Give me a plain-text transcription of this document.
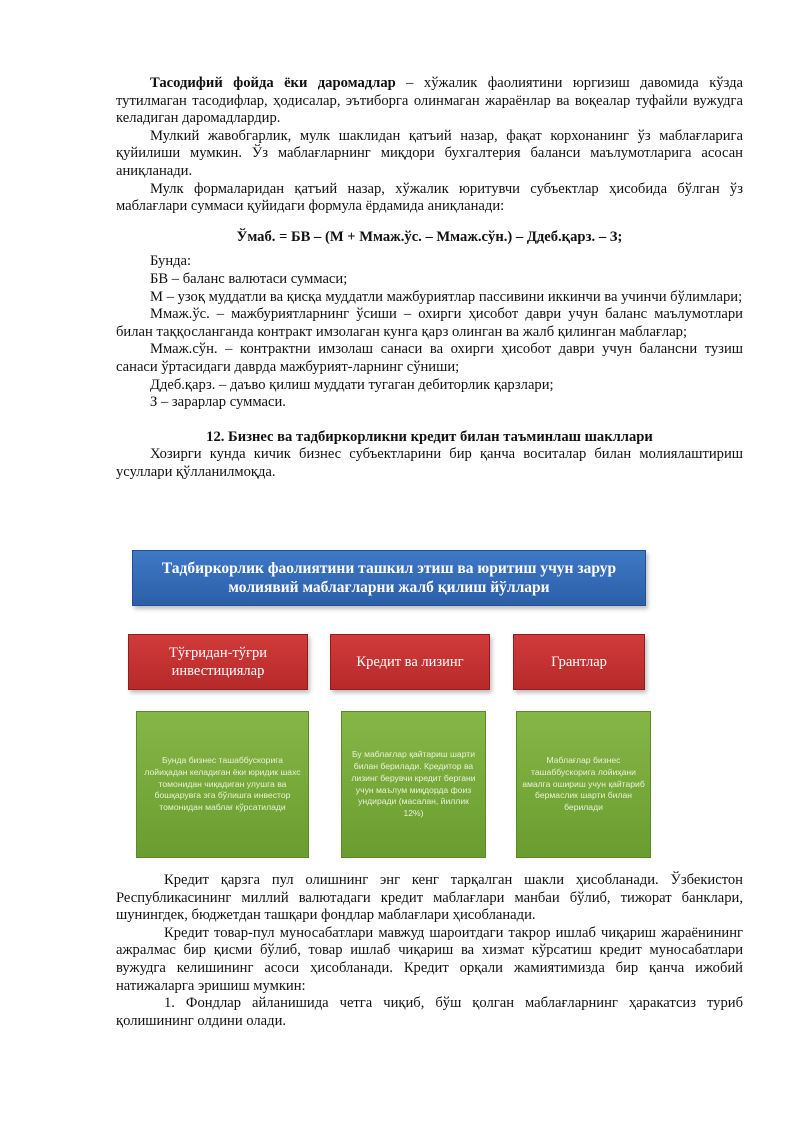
Тасодифий фойда ёки даромадлар – хўжалик фаолиятини юргизиш давомида кўзда тутилмаган тасодифлар, ҳодисалар, эътиборга олинмаган жараёнлар ва воқеалар туфайли вужудга келадиган даромадлардир.

Мулкий жавобгарлик, мулк шаклидан қатъий назар, фақат корхонанинг ўз маблағларига қуйилиши мумкин. Ўз маблағларнинг миқдори бухгалтерия баланси маълумотларига асосан аниқланади.

Мулк формаларидан қатъий назар, хўжалик юритувчи субъектлар ҳисобида бўлган ўз маблағлари суммаси қуйидаги формула ёрдамида аниқланади:

Ўмаб. = БВ – (М + Ммаж.ўс. – Ммаж.сўн.) – Ддеб.қарз. – З;

Бунда:

БВ – баланс валютаси суммаси;

М – узоқ муддатли ва қисқа муддатли мажбуриятлар пассивини иккинчи ва учинчи бўлимлари;

Ммаж.ўс. – мажбуриятларнинг ўсиши – охирги ҳисобот даври учун баланс маълумотлари билан таққосланганда контракт имзолаган кунга қарз олинган ва жалб қилинган маблағлар;

Ммаж.сўн. – контрактни имзолаш санаси ва охирги ҳисобот даври учун балансни тузиш санаси ўртасидаги даврда мажбурият-ларнинг сўниши;

Ддеб.қарз. – даъво қилиш муддати тугаган дебиторлик қарзлари;

З – зарарлар суммаси.

12. Бизнес ва тадбиркорликни кредит билан таъминлаш шакллари

Хозирги кунда кичик бизнес субъектларини бир қанча воситалар билан молиялаштириш усуллари қўлланилмоқда.

Тадбиркорлик фаолиятини ташкил этиш ва юритиш учун зарур молиявий маблағларни жалб қилиш йўллари
Тўғридан-тўғри инвестициялар
Кредит ва лизинг	Грантлар
Бунда бизнес ташаббускорига лойиҳадан келадиган ёки юридик шахс томонидан чиқадиган улушга ва бошқарувга эга бўлишга инвестор томонидан маблағ кўрсатилади
Бу маблағлар қайтариш шарти билан берилади. Кредитор ва лизинг берувчи кредит бергани учун маълум миқдорда фоиз ундиради (масалан, йиллик 12%)
Маблағлар бизнес ташаббускорига лойиҳани амалга ошириш учун қайтариб бермаслик шарти билан берилади

Кредит қарзга пул олишнинг энг кенг тарқалган шакли ҳисобланади. Ўзбекистон Республикасининг миллий валютадаги кредит маблағлари манбаи бўлиб, тижорат банклари, шунингдек, бюджетдан ташқари фондлар маблағлари ҳисобланади.

Кредит товар-пул муносабатлари мавжуд шароитдаги такрор ишлаб чиқариш жараёнининг ажралмас бир қисми бўлиб, товар ишлаб чиқариш ва хизмат кўрсатиш кредит муносабатлари вужудга келишининг асоси ҳисобланади. Кредит орқали жамиятимизда бир қанча ижобий натижаларга эришиш мумкин:

1. Фондлар айланишида четга чиқиб, бўш қолган маблағларнинг ҳаракатсиз туриб қолишининг олдини олади.
